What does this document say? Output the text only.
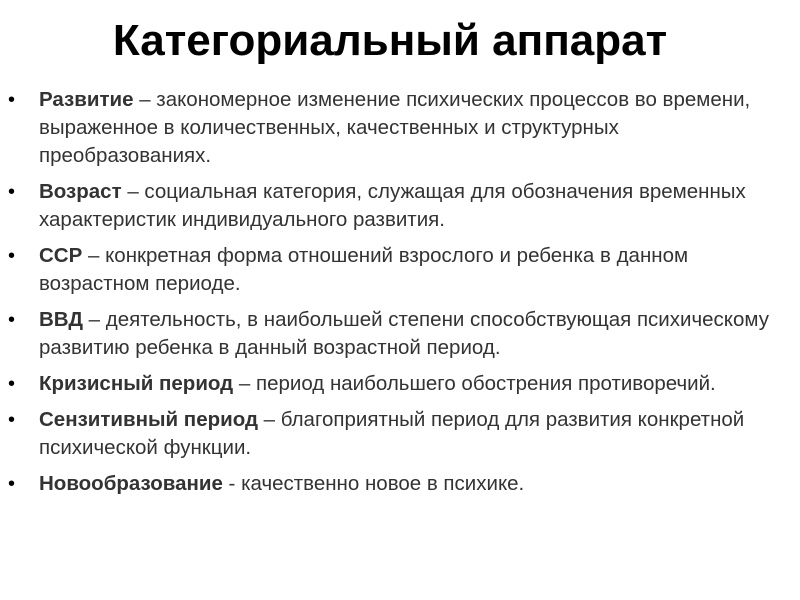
Категориальный аппарат
• Развитие – закономерное изменение психических процессов во времени, выраженное в количественных, качественных и структурных преобразованиях.
• Возраст – социальная категория, служащая для обозначения временных характеристик индивидуального развития.
• ССР – конкретная форма отношений взрослого и ребенка в данном возрастном периоде.
• ВВД – деятельность, в наибольшей степени способствующая психическому развитию ребенка в данный возрастной период.
• Кризисный период – период наибольшего обострения противоречий.
• Сензитивный период – благоприятный период для развития конкретной психической функции.
• Новообразование - качественно новое в психике.
